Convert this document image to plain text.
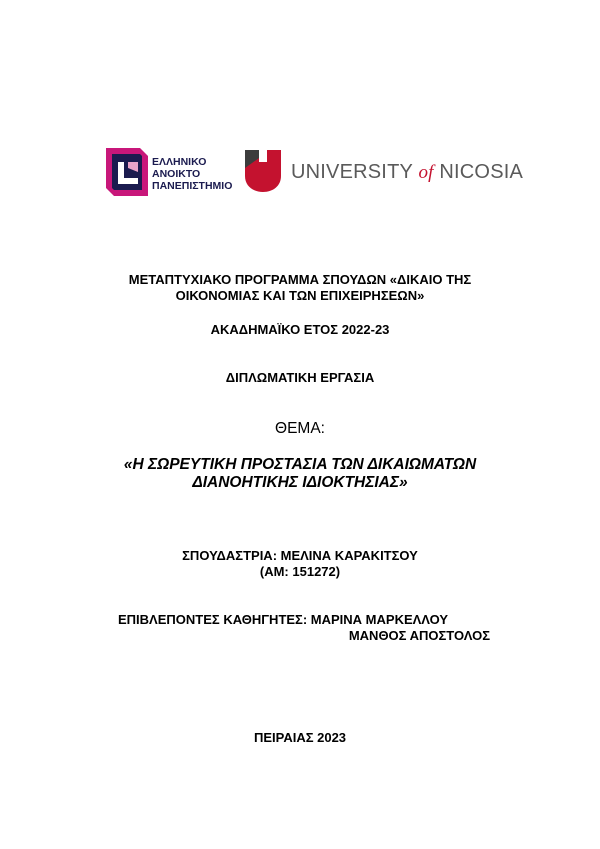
ΕΛΛΗΝΙΚΟ
ΑΝΟΙΚΤΟ
ΠΑΝΕΠΙΣΤΗΜΙΟ
UNIVERSITY of NICOSIA
ΜΕΤΑΠΤΥΧΙΑΚΟ ΠΡΟΓΡΑΜΜΑ ΣΠΟΥΔΩΝ «ΔΙΚΑΙΟ ΤΗΣ
ΟΙΚΟΝΟΜΙΑΣ ΚΑΙ ΤΩΝ ΕΠΙΧΕΙΡΗΣΕΩΝ»
ΑΚΑΔΗΜΑΪΚΟ ΕΤΟΣ 2022-23
ΔΙΠΛΩΜΑΤΙΚΗ ΕΡΓΑΣΙΑ
ΘΕΜΑ:
«Η ΣΩΡΕΥΤΙΚΗ ΠΡΟΣΤΑΣΙΑ ΤΩΝ ΔΙΚΑΙΩΜΑΤΩΝ
ΔΙΑΝΟΗΤΙΚΗΣ ΙΔΙΟΚΤΗΣΙΑΣ»
ΣΠΟΥΔΑΣΤΡΙΑ: ΜΕΛΙΝΑ ΚΑΡΑΚΙΤΣΟΥ
(ΑΜ: 151272)
ΕΠΙΒΛΕΠΟΝΤΕΣ ΚΑΘΗΓΗΤΕΣ: ΜΑΡΙΝΑ ΜΑΡΚΕΛΛΟΥ
ΜΑΝΘΟΣ ΑΠΟΣΤΟΛΟΣ
ΠΕΙΡΑΙΑΣ 2023
